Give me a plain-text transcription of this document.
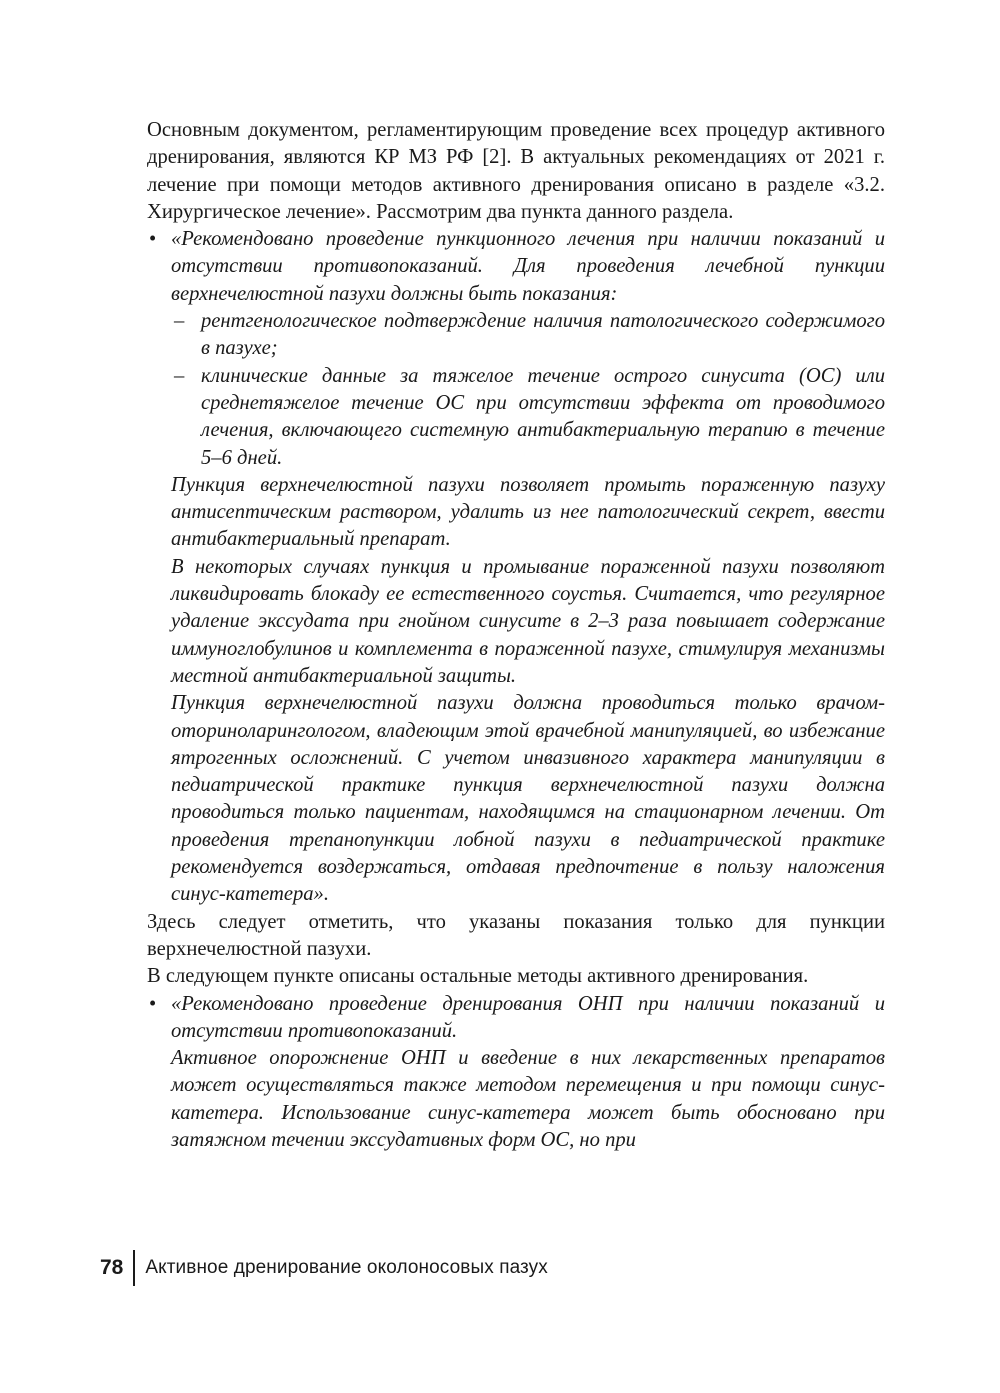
Основным документом, регламентирующим проведение всех процедур активного дренирования, являются КР МЗ РФ [2]. В актуальных рекомендациях от 2021 г. лечение при помощи методов активного дренирования описано в разделе «3.2. Хирургическое лечение». Рассмотрим два пункта данного раздела.

• «Рекомендовано проведение пункционного лечения при наличии показаний и отсутствии противопоказаний. Для проведения лечебной пункции верхнечелюстной пазухи должны быть показания:

– рентгенологическое подтверждение наличия патологического содержимого в пазухе;

– клинические данные за тяжелое течение острого синусита (ОС) или среднетяжелое течение ОС при отсутствии эффекта от проводимого лечения, включающего системную антибактериальную терапию в течение 5–6 дней.

Пункция верхнечелюстной пазухи позволяет промыть пораженную пазуху антисептическим раствором, удалить из нее патологический секрет, ввести антибактериальный препарат.

В некоторых случаях пункция и промывание пораженной пазухи позволяют ликвидировать блокаду ее естественного соустья. Считается, что регулярное удаление экссудата при гнойном синусите в 2–3 раза повышает содержание иммуноглобулинов и комплемента в пораженной пазухе, стимулируя механизмы местной антибактериальной защиты.

Пункция верхнечелюстной пазухи должна проводиться только врачом-оториноларингологом, владеющим этой врачебной манипуляцией, во избежание ятрогенных осложнений. С учетом инвазивного характера манипуляции в педиатрической практике пункция верхнечелюстной пазухи должна проводиться только пациентам, находящимся на стационарном лечении. От проведения трепанопункции лобной пазухи в педиатрической практике рекомендуется воздержаться, отдавая предпочтение в пользу наложения синус-катетера».

Здесь следует отметить, что указаны показания только для пункции верхнечелюстной пазухи.

В следующем пункте описаны остальные методы активного дренирования.

• «Рекомендовано проведение дренирования ОНП при наличии показаний и отсутствии противопоказаний.

Активное опорожнение ОНП и введение в них лекарственных препаратов может осуществляться также методом перемещения и при помощи синус-катетера. Использование синус-катетера может быть обосновано при затяжном течении экссудативных форм ОС, но при

78	Активное дренирование околоносовых пазух
